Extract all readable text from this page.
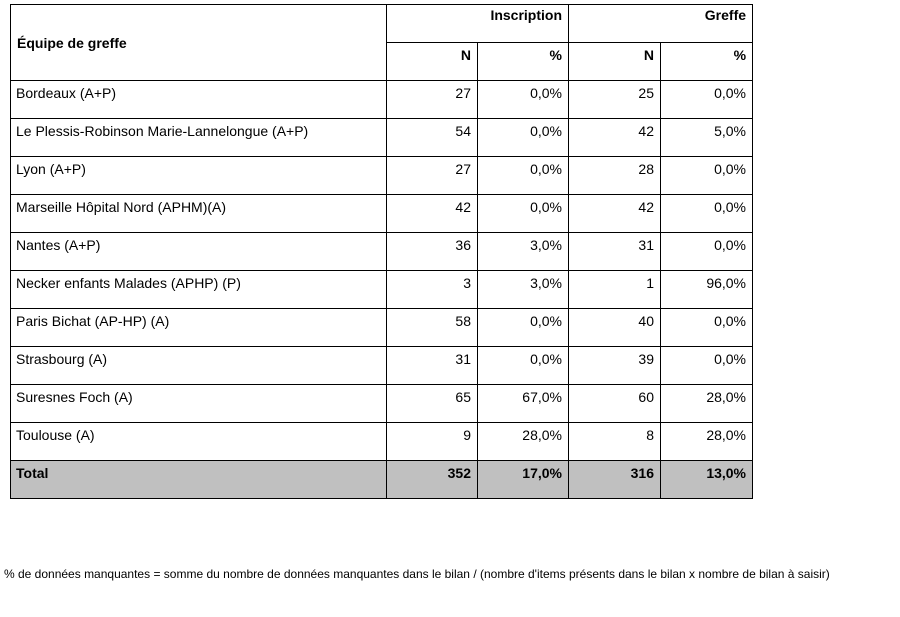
Équipe de greffe	Inscription		Greffe	
	N	%	N	%
Bordeaux (A+P)	27	0,0%	25	0,0%
Le Plessis-Robinson Marie-Lannelongue (A+P)	54	0,0%	42	5,0%
Lyon (A+P)	27	0,0%	28	0,0%
Marseille Hôpital Nord (APHM)(A)	42	0,0%	42	0,0%
Nantes (A+P)	36	3,0%	31	0,0%
Necker enfants Malades (APHP) (P)	3	3,0%	1	96,0%
Paris Bichat (AP-HP) (A)	58	0,0%	40	0,0%
Strasbourg (A)	31	0,0%	39	0,0%
Suresnes Foch (A)	65	67,0%	60	28,0%
Toulouse (A)	9	28,0%	8	28,0%
Total	352	17,0%	316	13,0%
% de données manquantes = somme du nombre de données manquantes dans le bilan / (nombre d'items présents dans le bilan x nombre de bilan à saisir)
